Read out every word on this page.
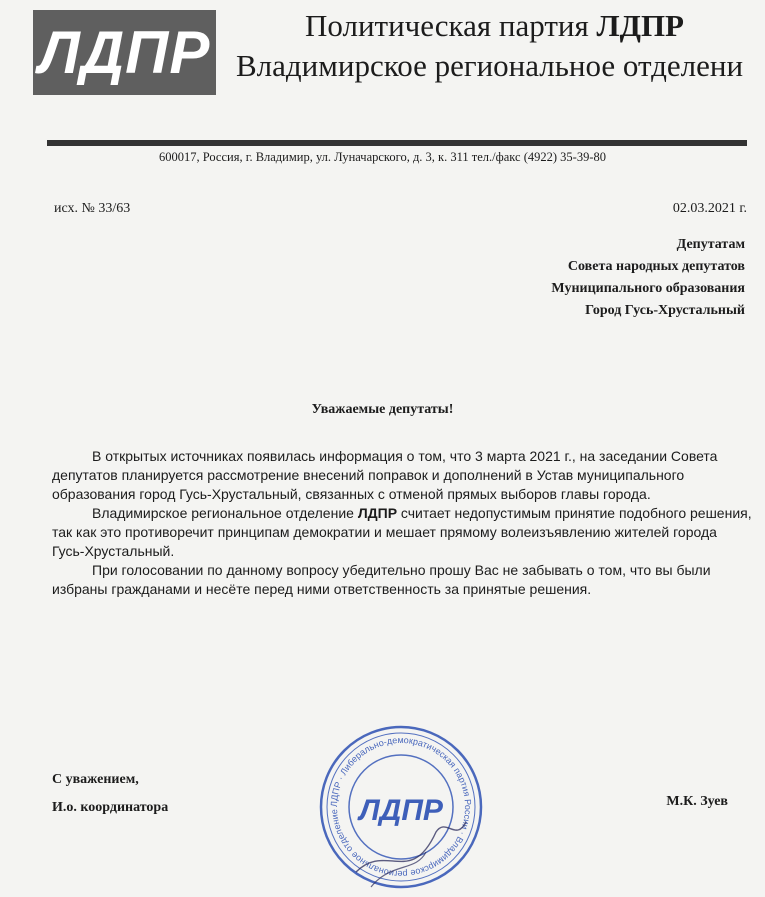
ЛДПР	Политическая партия ЛДПР
Владимирское региональное отделени
600017, Россия, г. Владимир, ул. Луначарского, д. 3, к. 311 тел./факс (4922) 35-39-80
исх. № 33/63	02.03.2021 г.
Депутатам
Совета народных депутатов
Муниципального образования
Город Гусь-Хрустальный
Уважаемые депутаты!

В открытых источниках появилась информация о том, что 3 марта 2021 г., на заседании Совета депутатов планируется рассмотрение внесений поправок и дополнений в Устав муниципального образования город Гусь-Хрустальный, связанных с отменой прямых выборов главы города.

Владимирское региональное отделение ЛДПР считает недопустимым принятие подобного решения, так как это противоречит принципам демократии и мешает прямому волеизъявлению жителей города Гусь-Хрустальный.

При голосовании по данному вопросу убедительно прошу Вас не забывать о том, что вы были избраны гражданами и несёте перед ними ответственность за принятые решения.

С уважением,
И.о. координатора	М.К. Зуев
ЛДПР · Либерально-демократическая партия России · Владимирское региональное отделение ЛДПР
